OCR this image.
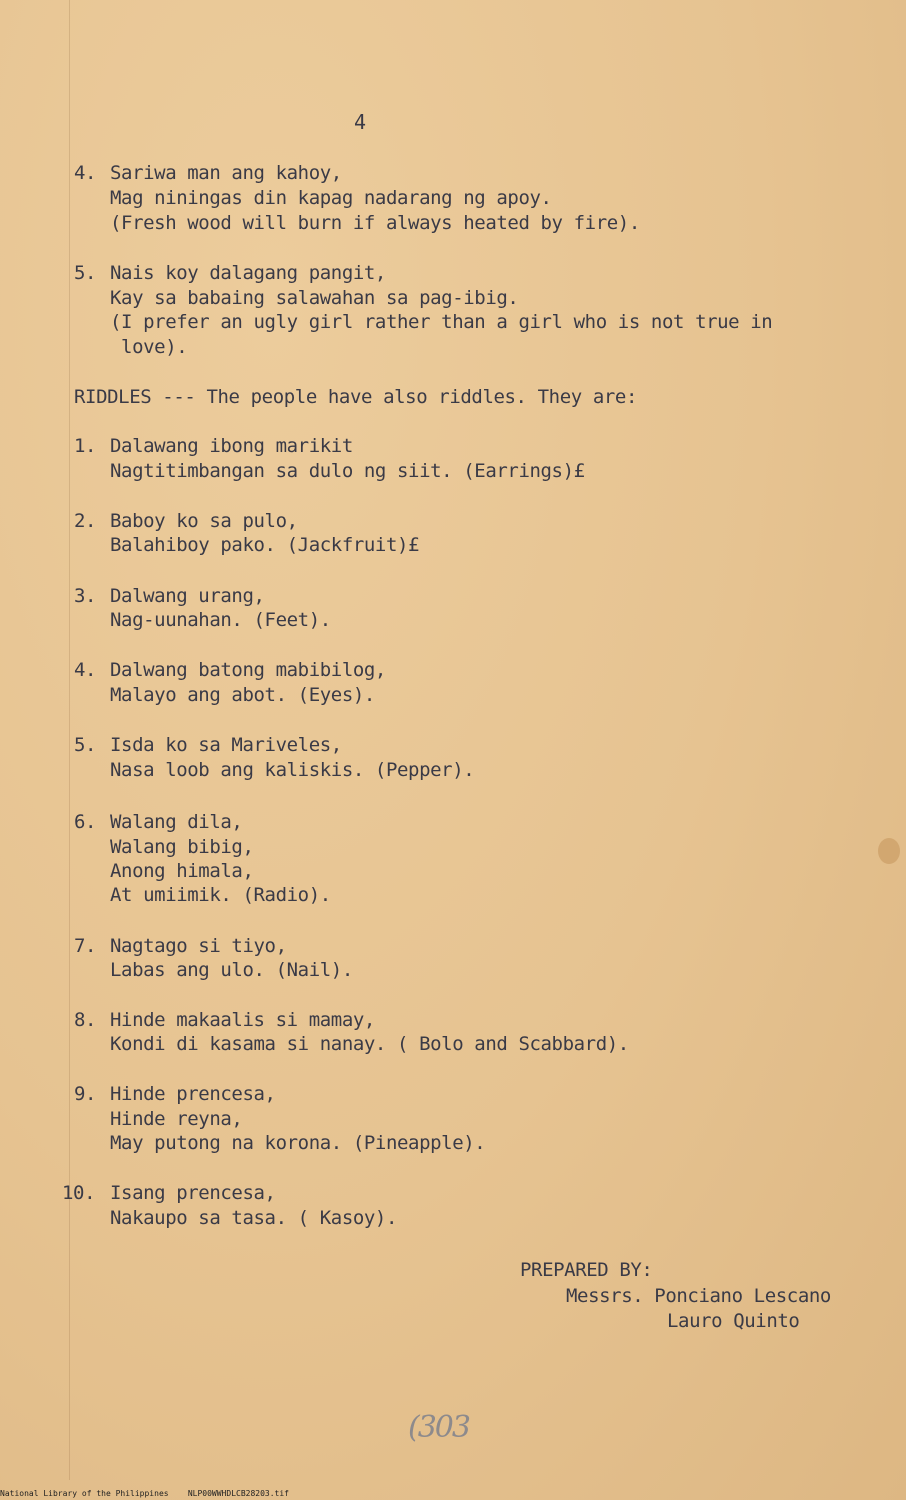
4
4. Sariwa man ang kahoy,
Mag niningas din kapag nadarang ng apoy.
(Fresh wood will burn if always heated by fire).
5. Nais koy dalagang pangit,
Kay sa babaing salawahan sa pag-ibig.
(I prefer an ugly girl rather than a girl who is not true in
love).
RIDDLES --- The people have also riddles. They are:
1. Dalawang ibong marikit
Nagtitimbangan sa dulo ng siit. (Earrings)£
2. Baboy ko sa pulo,
Balahiboy pako. (Jackfruit)£
3. Dalwang urang,
Nag-uunahan. (Feet).
4. Dalwang batong mabibilog,
Malayo ang abot. (Eyes).
5. Isda ko sa Mariveles,
Nasa loob ang kaliskis. (Pepper).
6. Walang dila,
Walang bibig,
Anong himala,
At umiimik. (Radio).
7. Nagtago si tiyo,
Labas ang ulo. (Nail).
8. Hinde makaalis si mamay,
Kondi di kasama si nanay. ( Bolo and Scabbard).
9. Hinde prencesa,
Hinde reyna,
May putong na korona. (Pineapple).
10. Isang prencesa,
Nakaupo sa tasa. ( Kasoy).
PREPARED BY:
Messrs. Ponciano Lescano
Lauro Quinto
(303
National Library of the Philippines    NLP00WWHDLCB28203.tif
